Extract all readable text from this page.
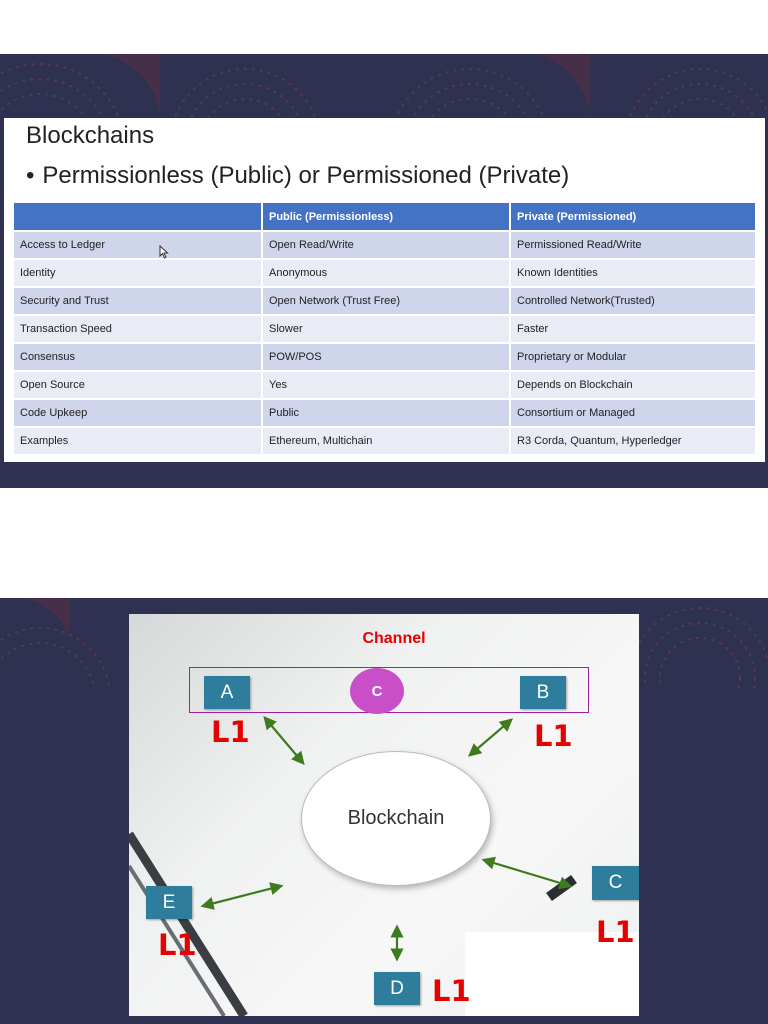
Blockchains
• Permissionless (Public) or Permissioned (Private)
	Public (Permissionless)	Private (Permissioned)
Access to Ledger	Open Read/Write	Permissioned Read/Write
Identity	Anonymous	Known Identities
Security and Trust	Open Network (Trust Free)	Controlled Network(Trusted)
Transaction Speed	Slower	Faster
Consensus	POW/POS	Proprietary or Modular
Open Source	Yes	Depends on Blockchain
Code Upkeep	Public	Consortium or Managed
Examples	Ethereum, Multichain	R3 Corda, Quantum, Hyperledger
Channel
A	C	B
C
D
E
Blockchain
L1	L1
L1
L1
L1
